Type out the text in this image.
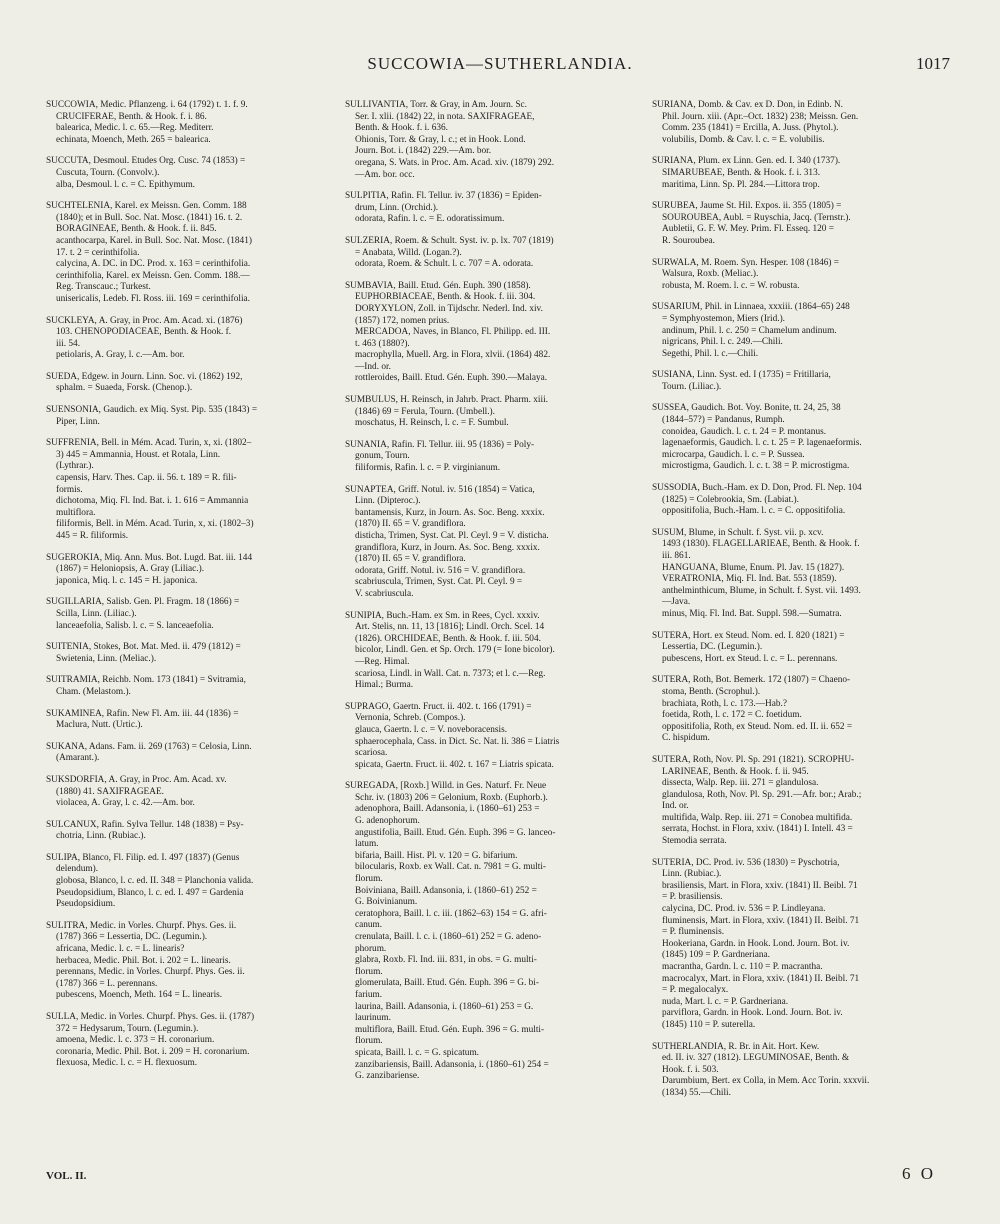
SUCCOWIA—SUTHERLANDIA.	1017
SUCCOWIA, Medic. Pflanzeng. i. 64 (1792) t. 1. f. 9.
CRUCIFERAE, Benth. & Hook. f. i. 86.
balearica, Medic. l. c. 65.—Reg. Mediterr.
echinata, Moench, Meth. 265 = balearica.
SUCCUTA, Desmoul. Etudes Org. Cusc. 74 (1853) =
Cuscuta, Tourn. (Convolv.).
alba, Desmoul. l. c. = C. Epithymum.
SUCHTELENIA, Karel. ex Meissn. Gen. Comm. 188
(1840); et in Bull. Soc. Nat. Mosc. (1841) 16. t. 2.
BORAGINEAE, Benth. & Hook. f. ii. 845.
acanthocarpa, Karel. in Bull. Soc. Nat. Mosc. (1841)
17. t. 2 = cerinthifolia.
calycina, A. DC. in DC. Prod. x. 163 = cerinthifolia.
cerinthifolia, Karel. ex Meissn. Gen. Comm. 188.—
Reg. Transcauc.; Turkest.
unisericalis, Ledeb. Fl. Ross. iii. 169 = cerinthifolia.
SUCKLEYA, A. Gray, in Proc. Am. Acad. xi. (1876)
103. CHENOPODIACEAE, Benth. & Hook. f.
iii. 54.
petiolaris, A. Gray, l. c.—Am. bor.
SUEDA, Edgew. in Journ. Linn. Soc. vi. (1862) 192,
sphalm. = Suaeda, Forsk. (Chenop.).
SUENSONIA, Gaudich. ex Miq. Syst. Pip. 535 (1843) =
Piper, Linn.
SUFFRENIA, Bell. in Mém. Acad. Turin, x, xi. (1802–
3) 445 = Ammannia, Houst. et Rotala, Linn.
(Lythrar.).
capensis, Harv. Thes. Cap. ii. 56. t. 189 = R. fili-
formis.
dichotoma, Miq. Fl. Ind. Bat. i. 1. 616 = Ammannia
multiflora.
filiformis, Bell. in Mém. Acad. Turin, x, xi. (1802–3)
445 = R. filiformis.
SUGEROKIA, Miq. Ann. Mus. Bot. Lugd. Bat. iii. 144
(1867) = Heloniopsis, A. Gray (Liliac.).
japonica, Miq. l. c. 145 = H. japonica.
SUGILLARIA, Salisb. Gen. Pl. Fragm. 18 (1866) =
Scilla, Linn. (Liliac.).
lanceaefolia, Salisb. l. c. = S. lanceaefolia.
SUITENIA, Stokes, Bot. Mat. Med. ii. 479 (1812) =
Swietenia, Linn. (Meliac.).
SUITRAMIA, Reichb. Nom. 173 (1841) = Svitramia,
Cham. (Melastom.).
SUKAMINEA, Rafin. New Fl. Am. iii. 44 (1836) =
Maclura, Nutt. (Urtic.).
SUKANA, Adans. Fam. ii. 269 (1763) = Celosia, Linn.
(Amarant.).
SUKSDORFIA, A. Gray, in Proc. Am. Acad. xv.
(1880) 41. SAXIFRAGEAE.
violacea, A. Gray, l. c. 42.—Am. bor.
SULCANUX, Rafin. Sylva Tellur. 148 (1838) = Psy-
chotria, Linn. (Rubiac.).
SULIPA, Blanco, Fl. Filip. ed. I. 497 (1837) (Genus
delendum).
globosa, Blanco, l. c. ed. II. 348 = Planchonia valida.
Pseudopsidium, Blanco, l. c. ed. I. 497 = Gardenia
Pseudopsidium.
SULITRA, Medic. in Vorles. Churpf. Phys. Ges. ii.
(1787) 366 = Lessertia, DC. (Legumin.).
africana, Medic. l. c. = L. linearis?
herbacea, Medic. Phil. Bot. i. 202 = L. linearis.
perennans, Medic. in Vorles. Churpf. Phys. Ges. ii.
(1787) 366 = L. perennans.
pubescens, Moench, Meth. 164 = L. linearis.
SULLA, Medic. in Vorles. Churpf. Phys. Ges. ii. (1787)
372 = Hedysarum, Tourn. (Legumin.).
amoena, Medic. l. c. 373 = H. coronarium.
coronaria, Medic. Phil. Bot. i. 209 = H. coronarium.
flexuosa, Medic. l. c. = H. flexuosum.
SULLIVANTIA, Torr. & Gray, in Am. Journ. Sc.
Ser. I. xlii. (1842) 22, in nota. SAXIFRAGEAE,
Benth. & Hook. f. i. 636.
Ohionis, Torr. & Gray, l. c.; et in Hook. Lond.
Journ. Bot. i. (1842) 229.—Am. bor.
oregana, S. Wats. in Proc. Am. Acad. xiv. (1879) 292.
—Am. bor. occ.
SULPITIA, Rafin. Fl. Tellur. iv. 37 (1836) = Epiden-
drum, Linn. (Orchid.).
odorata, Rafin. l. c. = E. odoratissimum.
SULZERIA, Roem. & Schult. Syst. iv. p. lx. 707 (1819)
= Anabata, Willd. (Logan.?).
odorata, Roem. & Schult. l. c. 707 = A. odorata.
SUMBAVIA, Baill. Etud. Gén. Euph. 390 (1858).
EUPHORBIACEAE, Benth. & Hook. f. iii. 304.
DORYXYLON, Zoll. in Tijdschr. Nederl. Ind. xiv.
(1857) 172, nomen prius.
MERCADOA, Naves, in Blanco, Fl. Philipp. ed. III.
t. 463 (1880?).
macrophylla, Muell. Arg. in Flora, xlvii. (1864) 482.
—Ind. or.
rottleroides, Baill. Etud. Gén. Euph. 390.—Malaya.
SUMBULUS, H. Reinsch, in Jahrb. Pract. Pharm. xiii.
(1846) 69 = Ferula, Tourn. (Umbell.).
moschatus, H. Reinsch, l. c. = F. Sumbul.
SUNANIA, Rafin. Fl. Tellur. iii. 95 (1836) = Poly-
gonum, Tourn.
filiformis, Rafin. l. c. = P. virginianum.
SUNAPTEA, Griff. Notul. iv. 516 (1854) = Vatica,
Linn. (Dipteroc.).
bantamensis, Kurz, in Journ. As. Soc. Beng. xxxix.
(1870) II. 65 = V. grandiflora.
disticha, Trimen, Syst. Cat. Pl. Ceyl. 9 = V. disticha.
grandiflora, Kurz, in Journ. As. Soc. Beng. xxxix.
(1870) II. 65 = V. grandiflora.
odorata, Griff. Notul. iv. 516 = V. grandiflora.
scabriuscula, Trimen, Syst. Cat. Pl. Ceyl. 9 =
V. scabriuscula.
SUNIPIA, Buch.-Ham. ex Sm. in Rees, Cycl. xxxiv.
Art. Stelis, nn. 11, 13 [1816]; Lindl. Orch. Scel. 14
(1826). ORCHIDEAE, Benth. & Hook. f. iii. 504.
bicolor, Lindl. Gen. et Sp. Orch. 179 (= Ione bicolor).
—Reg. Himal.
scariosa, Lindl. in Wall. Cat. n. 7373; et l. c.—Reg.
Himal.; Burma.
SUPRAGO, Gaertn. Fruct. ii. 402. t. 166 (1791) =
Vernonia, Schreb. (Compos.).
glauca, Gaertn. l. c. = V. noveboracensis.
sphaerocephala, Cass. in Dict. Sc. Nat. li. 386 = Liatris
scariosa.
spicata, Gaertn. Fruct. ii. 402. t. 167 = Liatris spicata.
SUREGADA, [Roxb.] Willd. in Ges. Naturf. Fr. Neue
Schr. iv. (1803) 206 = Gelonium, Roxb. (Euphorb.).
adenophora, Baill. Adansonia, i. (1860–61) 253 =
G. adenophorum.
angustifolia, Baill. Etud. Gén. Euph. 396 = G. lanceo-
latum.
bifaria, Baill. Hist. Pl. v. 120 = G. bifarium.
bilocularis, Roxb. ex Wall. Cat. n. 7981 = G. multi-
florum.
Boiviniana, Baill. Adansonia, i. (1860–61) 252 =
G. Boivinianum.
ceratophora, Baill. l. c. iii. (1862–63) 154 = G. afri-
canum.
crenulata, Baill. l. c. i. (1860–61) 252 = G. adeno-
phorum.
glabra, Roxb. Fl. Ind. iii. 831, in obs. = G. multi-
florum.
glomerulata, Baill. Etud. Gén. Euph. 396 = G. bi-
farium.
laurina, Baill. Adansonia, i. (1860–61) 253 = G.
laurinum.
multiflora, Baill. Etud. Gén. Euph. 396 = G. multi-
florum.
spicata, Baill. l. c. = G. spicatum.
zanzibariensis, Baill. Adansonia, i. (1860–61) 254 =
G. zanzibariense.
SURIANA, Domb. & Cav. ex D. Don, in Edinb. N.
Phil. Journ. xiii. (Apr.–Oct. 1832) 238; Meissn. Gen.
Comm. 235 (1841) = Ercilla, A. Juss. (Phytol.).
volubilis, Domb. & Cav. l. c. = E. volubilis.
SURIANA, Plum. ex Linn. Gen. ed. I. 340 (1737).
SIMARUBEAE, Benth. & Hook. f. i. 313.
maritima, Linn. Sp. Pl. 284.—Littora trop.
SURUBEA, Jaume St. Hil. Expos. ii. 355 (1805) =
SOUROUBEA, Aubl. = Ruyschia, Jacq. (Ternstr.).
Aubletii, G. F. W. Mey. Prim. Fl. Esseq. 120 =
R. Souroubea.
SURWALA, M. Roem. Syn. Hesper. 108 (1846) =
Walsura, Roxb. (Meliac.).
robusta, M. Roem. l. c. = W. robusta.
SUSARIUM, Phil. in Linnaea, xxxiii. (1864–65) 248
= Symphyostemon, Miers (Irid.).
andinum, Phil. l. c. 250 = Chamelum andinum.
nigricans, Phil. l. c. 249.—Chili.
Segethi, Phil. l. c.—Chili.
SUSIANA, Linn. Syst. ed. I (1735) = Fritillaria,
Tourn. (Liliac.).
SUSSEA, Gaudich. Bot. Voy. Bonite, tt. 24, 25, 38
(1844–57?) = Pandanus, Rumph.
conoidea, Gaudich. l. c. t. 24 = P. montanus.
lagenaeformis, Gaudich. l. c. t. 25 = P. lagenaeformis.
microcarpa, Gaudich. l. c. = P. Sussea.
microstigma, Gaudich. l. c. t. 38 = P. microstigma.
SUSSODIA, Buch.-Ham. ex D. Don, Prod. Fl. Nep. 104
(1825) = Colebrookia, Sm. (Labiat.).
oppositifolia, Buch.-Ham. l. c. = C. oppositifolia.
SUSUM, Blume, in Schult. f. Syst. vii. p. xcv.
1493 (1830). FLAGELLARIEAE, Benth. & Hook. f.
iii. 861.
HANGUANA, Blume, Enum. Pl. Jav. 15 (1827).
VERATRONIA, Miq. Fl. Ind. Bat. 553 (1859).
anthelminthicum, Blume, in Schult. f. Syst. vii. 1493.
—Java.
minus, Miq. Fl. Ind. Bat. Suppl. 598.—Sumatra.
SUTERA, Hort. ex Steud. Nom. ed. I. 820 (1821) =
Lessertia, DC. (Legumin.).
pubescens, Hort. ex Steud. l. c. = L. perennans.
SUTERA, Roth, Bot. Bemerk. 172 (1807) = Chaeno-
stoma, Benth. (Scrophul.).
brachiata, Roth, l. c. 173.—Hab.?
foetida, Roth, l. c. 172 = C. foetidum.
oppositifolia, Roth, ex Steud. Nom. ed. II. ii. 652 =
C. hispidum.
SUTERA, Roth, Nov. Pl. Sp. 291 (1821). SCROPHU-
LARINEAE, Benth. & Hook. f. ii. 945.
dissecta, Walp. Rep. iii. 271 = glandulosa.
glandulosa, Roth, Nov. Pl. Sp. 291.—Afr. bor.; Arab.;
Ind. or.
multifida, Walp. Rep. iii. 271 = Conobea multifida.
serrata, Hochst. in Flora, xxiv. (1841) I. Intell. 43 =
Stemodia serrata.
SUTERIA, DC. Prod. iv. 536 (1830) = Pyschotria,
Linn. (Rubiac.).
brasiliensis, Mart. in Flora, xxiv. (1841) II. Beibl. 71
= P. brasiliensis.
calycina, DC. Prod. iv. 536 = P. Lindleyana.
fluminensis, Mart. in Flora, xxiv. (1841) II. Beibl. 71
= P. fluminensis.
Hookeriana, Gardn. in Hook. Lond. Journ. Bot. iv.
(1845) 109 = P. Gardneriana.
macrantha, Gardn. l. c. 110 = P. macrantha.
macrocalyx, Mart. in Flora, xxiv. (1841) II. Beibl. 71
= P. megalocalyx.
nuda, Mart. l. c. = P. Gardneriana.
parviflora, Gardn. in Hook. Lond. Journ. Bot. iv.
(1845) 110 = P. suterella.
SUTHERLANDIA, R. Br. in Ait. Hort. Kew.
ed. II. iv. 327 (1812). LEGUMINOSAE, Benth. &
Hook. f. i. 503.
Darumbium, Bert. ex Colla, in Mem. Acc Torin. xxxvii.
(1834) 55.—Chili.
VOL. II.	6 O
